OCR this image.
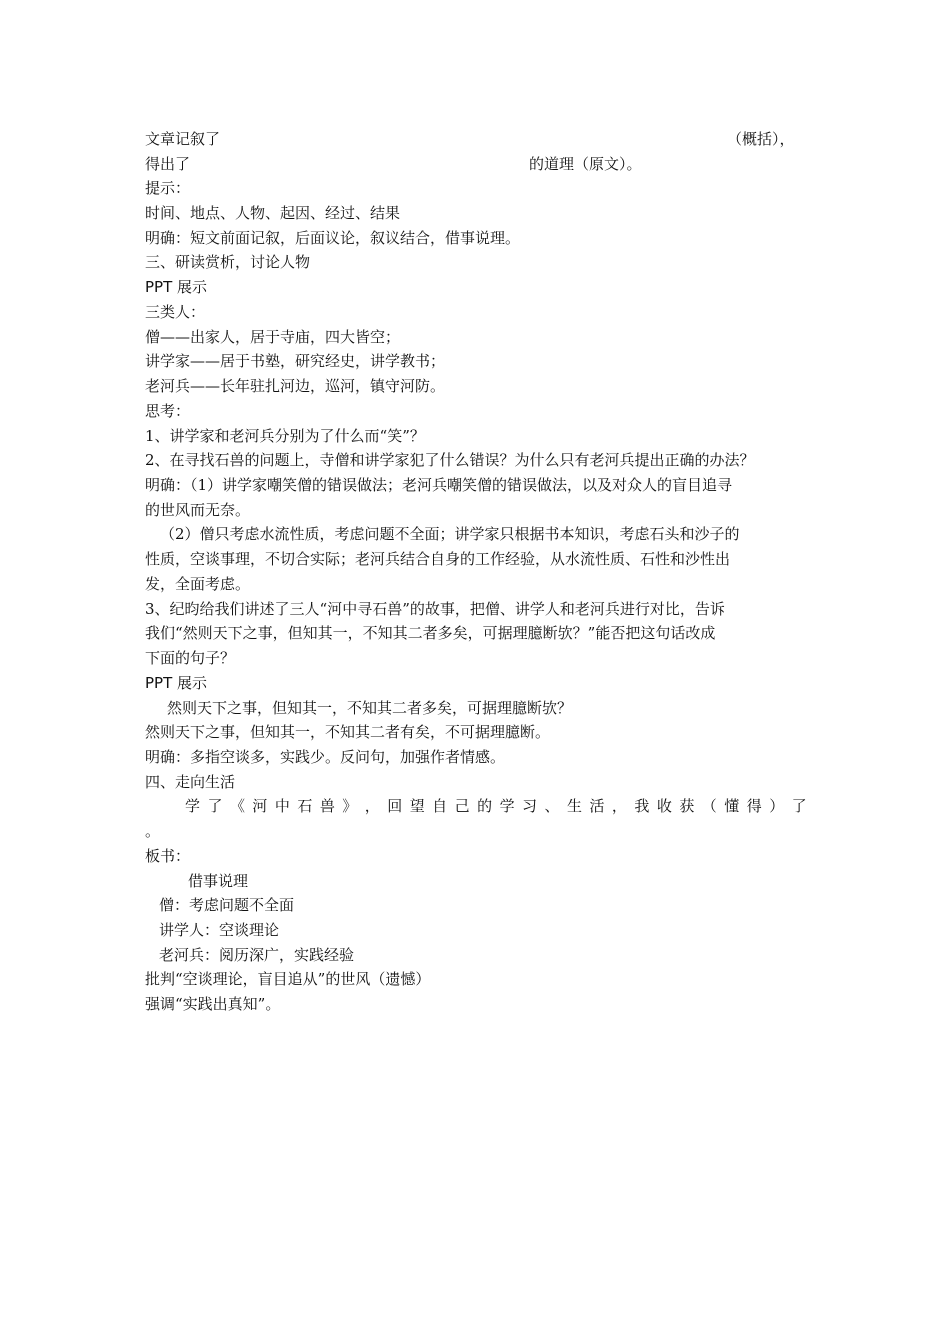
文章记叙了	（概括），
得出了	的道理（原文）。
提示：
时间、地点、人物、起因、经过、结果
明确：短文前面记叙，后面议论，叙议结合，借事说理。
三、研读赏析，讨论人物
PPT 展示
三类人：
僧——出家人，居于寺庙，四大皆空；
讲学家——居于书塾，研究经史，讲学教书；
老河兵——长年驻扎河边，巡河，镇守河防。
思考：
1、讲学家和老河兵分别为了什么而“笑”？
2、在寻找石兽的问题上，寺僧和讲学家犯了什么错误？为什么只有老河兵提出正确的办法？
明确：（1）讲学家嘲笑僧的错误做法；老河兵嘲笑僧的错误做法，以及对众人的盲目追寻
的世风而无奈。
（2）僧只考虑水流性质，考虑问题不全面；讲学家只根据书本知识，考虑石头和沙子的
性质，空谈事理，不切合实际；老河兵结合自身的工作经验，从水流性质、石性和沙性出
发，全面考虑。
3、纪昀给我们讲述了三人“河中寻石兽”的故事，把僧、讲学人和老河兵进行对比，告诉
我们“然则天下之事，但知其一，不知其二者多矣，可据理臆断欤？”能否把这句话改成
下面的句子？
PPT 展示
然则天下之事，但知其一，不知其二者多矣，可据理臆断欤？
然则天下之事，但知其一，不知其二者有矣，不可据理臆断。
明确：多指空谈多，实践少。反问句，加强作者情感。
四、走向生活
学 了 《 河 中 石 兽 》 ， 回 望 自 己 的 学 习 、 生 活 ， 我 收 获 （ 懂 得 ） 了
。
板书：
借事说理
僧：考虑问题不全面
讲学人：空谈理论
老河兵：阅历深广，实践经验
批判“空谈理论，盲目追从”的世风（遗憾）
强调“实践出真知”。
